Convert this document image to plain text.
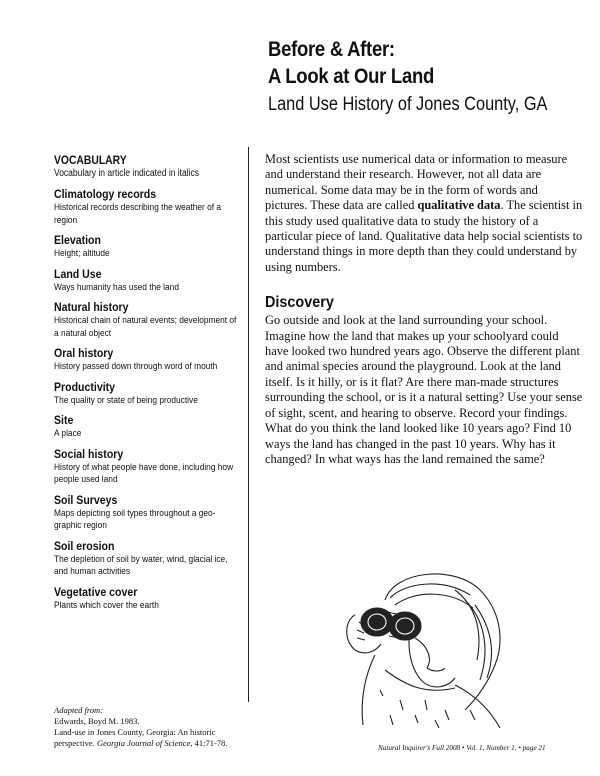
Before & After:
A Look at Our Land
Land Use History of Jones County, GA
VOCABULARY
Vocabulary in article indicated in italics
Climatology records
Historical records describing the weather of a region
Elevation
Height; altitude
Land Use
Ways humanity has used the land
Natural history
Historical chain of natural events; development of a natural object
Oral history
History passed down through word of mouth
Productivity
The quality or state of being productive
Site
A place
Social history
History of what people have done, including how people used land
Soil Surveys
Maps depicting soil types throughout a geo-graphic region
Soil erosion
The depletion of soil by water, wind, glacial ice, and human activities
Vegetative cover
Plants which cover the earth
Adapted from:
Edwards, Boyd M. 1983.
Land-use in Jones County, Georgia: An historic
perspective. Georgia Journal of Science, 41:71-78.
Most scientists use numerical data or information to measure and understand their research. However, not all data are numerical. Some data may be in the form of words and pictures. These data are called qualitative data. The scientist in this study used qualitative data to study the history of a particular piece of land. Qualitative data help social scientists to understand things in more depth than they could understand by using numbers.
Discovery
Go outside and look at the land surrounding your school. Imagine how the land that makes up your schoolyard could have looked two hundred years ago. Observe the different plant and animal species around the playground. Look at the land itself. Is it hilly, or is it flat? Are there man-made structures surrounding the school, or is it a natural setting? Use your sense of sight, scent, and hearing to observe. Record your findings. What do you think the land looked like 10 years ago? Find 10 ways the land has changed in the past 10 years. Why has it changed? In what ways has the land remained the same?
Natural Inquirer's Fall 2008 • Vol. 1, Number 1, • page 21
